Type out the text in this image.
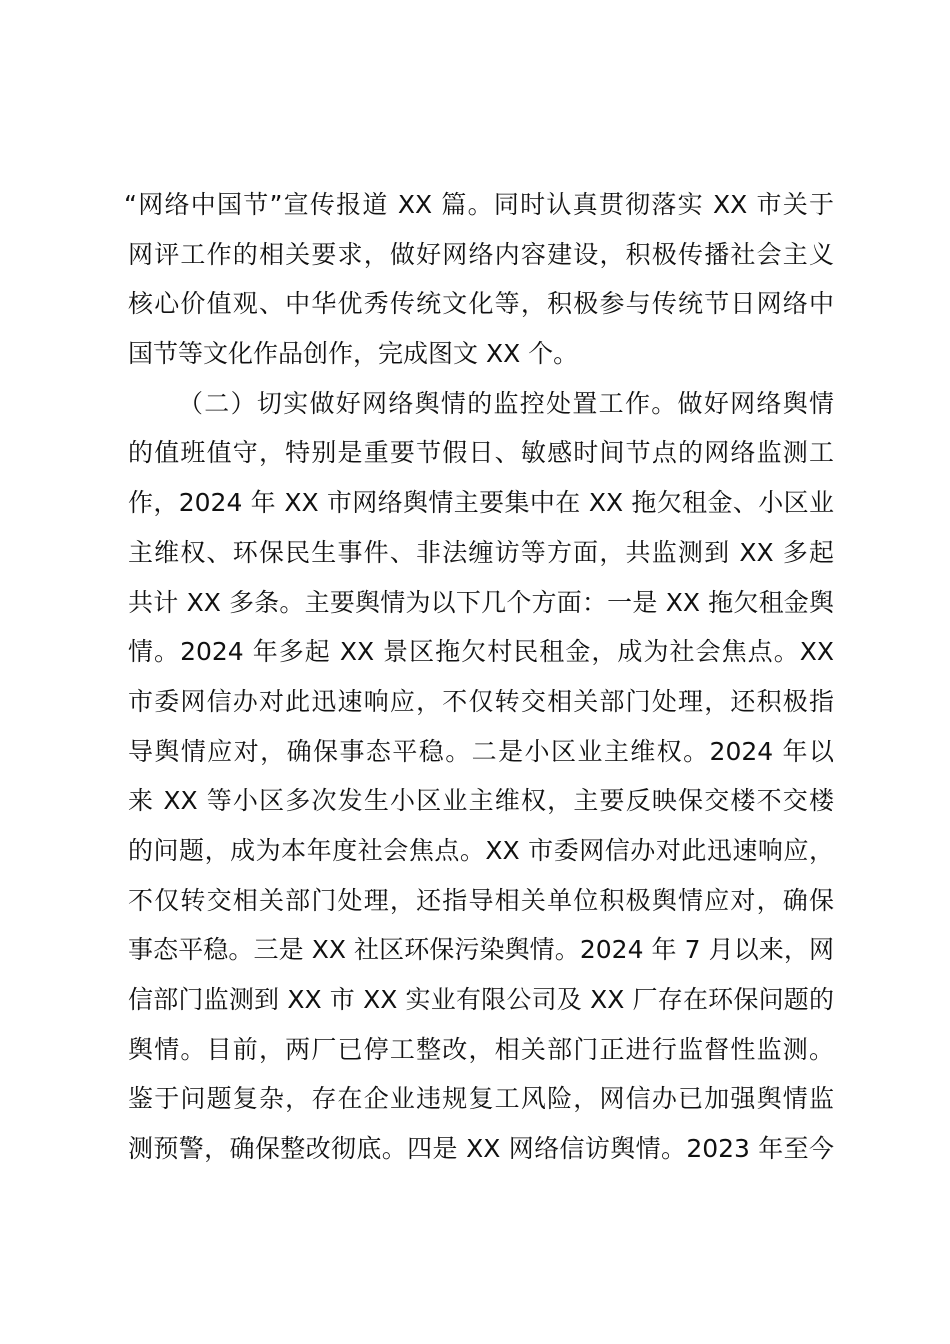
“网络中国节”宣传报道 XX 篇。同时认真贯彻落实 XX 市关于
网评工作的相关要求，做好网络内容建设，积极传播社会主义
核心价值观、中华优秀传统文化等，积极参与传统节日网络中
国节等文化作品创作，完成图文 XX 个。
（二）切实做好网络舆情的监控处置工作。做好网络舆情
的值班值守，特别是重要节假日、敏感时间节点的网络监测工
作，2024 年 XX 市网络舆情主要集中在 XX 拖欠租金、小区业
主维权、环保民生事件、非法缠访等方面，共监测到 XX 多起
共计 XX 多条。主要舆情为以下几个方面：一是 XX 拖欠租金舆
情。2024 年多起 XX 景区拖欠村民租金，成为社会焦点。XX
市委网信办对此迅速响应，不仅转交相关部门处理，还积极指
导舆情应对，确保事态平稳。二是小区业主维权。2024 年以
来 XX 等小区多次发生小区业主维权，主要反映保交楼不交楼
的问题，成为本年度社会焦点。XX 市委网信办对此迅速响应，
不仅转交相关部门处理，还指导相关单位积极舆情应对，确保
事态平稳。三是 XX 社区环保污染舆情。2024 年 7 月以来，网
信部门监测到 XX 市 XX 实业有限公司及 XX 厂存在环保问题的
舆情。目前，两厂已停工整改，相关部门正进行监督性监测。
鉴于问题复杂，存在企业违规复工风险，网信办已加强舆情监
测预警，确保整改彻底。四是 XX 网络信访舆情。2023 年至今
